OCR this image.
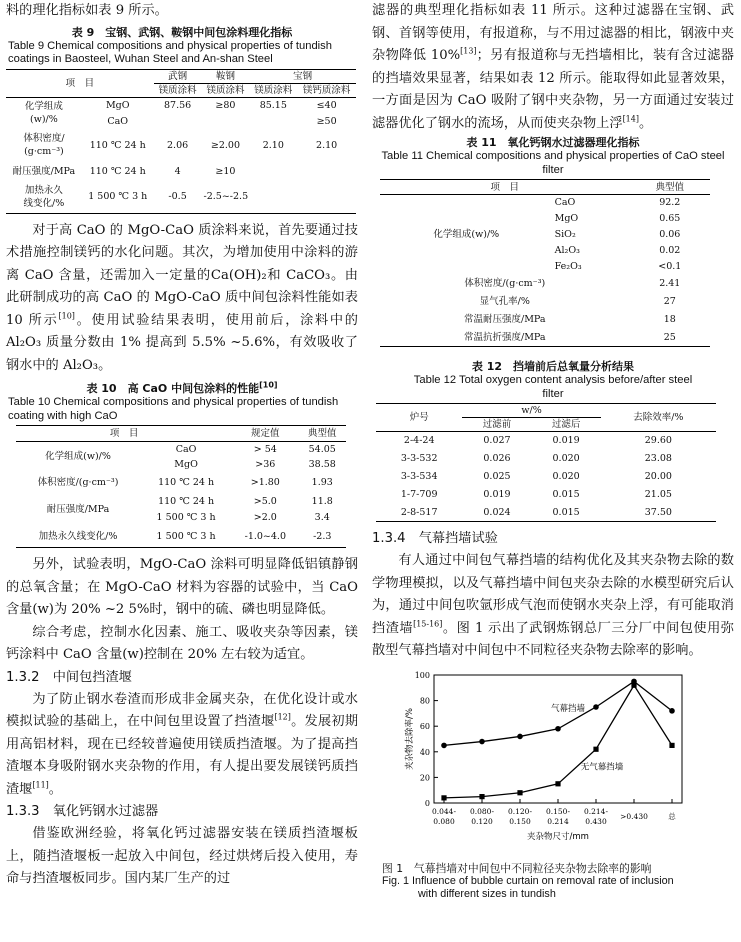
料的理化指标如表 9 所示。

表 9　宝钢、武钢、鞍钢中间包涂料理化指标
Table 9 Chemical compositions and physical properties of tundish coatings in Baosteel, Wuhan Steel and An-shan Steel
项　目		武钢	鞍钢	宝钢	
		镁质涂料	镁质涂料	镁质涂料	镁钙质涂料
化学组成
(w)/%	MgO	87.56	≥80	85.15	≤40
	CaO				≥50
体积密度/
(g·cm⁻³)	110 ℃ 24 h	2.06	≥2.00	2.10	2.10
耐压强度/MPa	110 ℃ 24 h	4	≥10		
加热永久
线变化/%	1 500 ℃ 3 h	-0.5	-2.5~-2.5		

对于高 CaO 的 MgO-CaO 质涂料来说，首先要通过技术措施控制镁钙的水化问题。其次，为增加使用中涂料的游离 CaO 含量，还需加入一定量的Ca(OH)₂和 CaCO₃。由此研制成功的高 CaO 的 MgO-CaO 质中间包涂料性能如表 10 所示[10]。使用试验结果表明，使用前后，涂料中的 Al₂O₃ 质量分数由 1% 提高到 5.5% ~5.6%，有效吸收了钢水中的 Al₂O₃。

表 10　高 CaO 中间包涂料的性能[10]
Table 10 Chemical compositions and physical properties of tundish coating with high CaO
项　目		规定值	典型值
化学组成(w)/%	CaO	> 54	54.05
	MgO	>36	38.58
体积密度/(g·cm⁻³)	110 ℃ 24 h	>1.80	1.93
耐压强度/MPa	110 ℃ 24 h	>5.0	11.8
	1 500 ℃ 3 h	>2.0	3.4
加热永久线变化/%	1 500 ℃ 3 h	-1.0~4.0	-2.3

另外，试验表明，MgO-CaO 涂料可明显降低铝镇静钢的总氧含量；在 MgO-CaO 材料为容器的试验中，当 CaO 含量(w)为 20% ~2 5%时，钢中的硫、磷也明显降低。

综合考虑，控制水化因素、施工、吸收夹杂等因素，镁钙涂料中 CaO 含量(w)控制在 20% 左右较为适宜。

1.3.2　中间包挡渣堰

为了防止钢水卷渣而形成非金属夹杂，在优化设计或水模拟试验的基础上，在中间包里设置了挡渣堰[12]。发展初期用高铝材料，现在已经较普遍使用镁质挡渣堰。为了提高挡渣堰本身吸附钢水夹杂物的作用，有人提出要发展镁钙质挡渣堰[11]。

1.3.3　氧化钙钢水过滤器

借鉴欧洲经验，将氧化钙过滤器安装在镁质挡渣堰板上，随挡渣堰板一起放入中间包，经过烘烤后投入使用，寿命与挡渣堰板同步。国内某厂生产的过

滤器的典型理化指标如表 11 所示。这种过滤器在宝钢、武钢、首钢等使用，有报道称，与不用过滤器的相比，钢液中夹杂物降低 10%[13]；另有报道称与无挡墙相比，装有含过滤器的挡墙效果显著，结果如表 12 所示。能取得如此显著效果，一方面是因为 CaO 吸附了钢中夹杂物，另一方面通过安装过滤器优化了钢水的流场，从而使夹杂物上浮[14]。

表 11　氧化钙钢水过滤器理化指标
Table 11 Chemical compositions and physical properties of CaO steel filter
项　目		典型值
化学组成(w)/%	CaO	92.2
	MgO	0.65
	SiO₂	0.06
	Al₂O₃	0.02
	Fe₂O₃	<0.1
体积密度/(g·cm⁻³)		2.41
显气孔率/%		27
常温耐压强度/MPa		18
常温抗折强度/MPa		25
表 12　挡墙前后总氧量分析结果
Table 12 Total oxygen content analysis before/after steel filter
炉号	w/%		去除效率/%
	过滤前	过滤后	
2-4-24	0.027	0.019	29.60
3-3-532	0.026	0.020	23.08
3-3-534	0.025	0.020	20.00
1-7-709	0.019	0.015	21.05
2-8-517	0.024	0.015	37.50

1.3.4　气幕挡墙试验

有人通过中间包气幕挡墙的结构优化及其夹杂物去除的数学物理模拟，以及气幕挡墙中间包夹杂去除的水模型研究后认为，通过中间包吹氩形成气泡而使钢水夹杂上浮，有可能取消挡渣墙[15-16]。图 1 示出了武钢炼钢总厂三分厂中间包使用弥散型气幕挡墙对中间包中不同粒径夹杂物去除率的影响。

0
20
40
60
80
100
夹杂物去除率/%
0.044-
0.080
0.080-
0.120
0.120-
0.150
0.150-
0.214
0.214-
0.430
>0.430	总
夹杂物尺寸/mm
气幕挡墙
无气幕挡墙
图 1　气幕挡墙对中间包中不同粒径夹杂物去除率的影响
Fig. 1 Influence of bubble curtain on removal rate of inclusion
with different sizes in tundish
